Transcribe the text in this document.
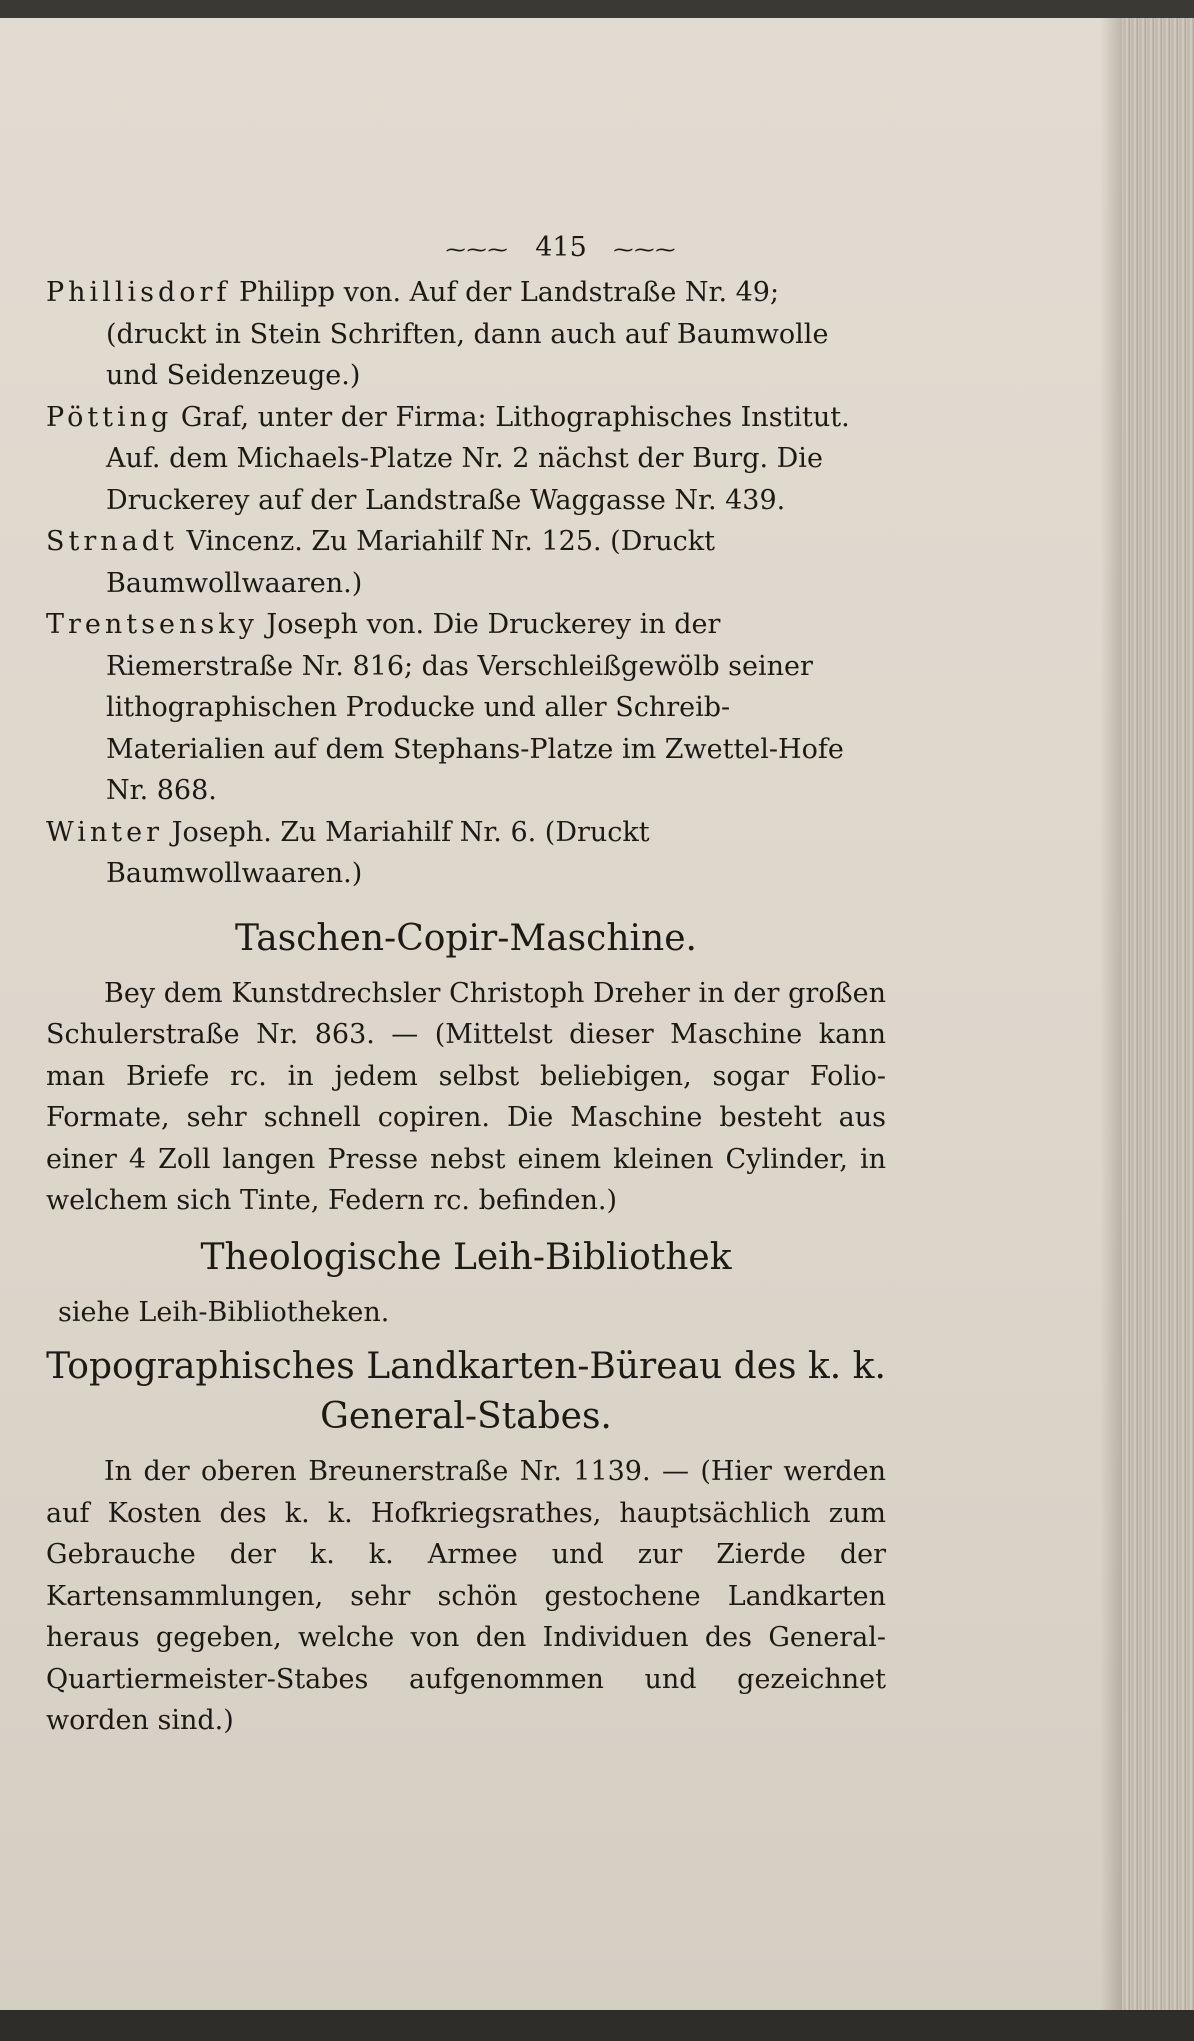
⁓⁓⁓ 415 ⁓⁓⁓

Phillisdorf Philipp von. Auf der Landstraße Nr. 49; (druckt in Stein Schriften, dann auch auf Baumwolle und Seidenzeuge.)

Pötting Graf, unter der Firma: Lithographisches Institut. Auf. dem Michaels-Platze Nr. 2 nächst der Burg. Die Druckerey auf der Landstraße Waggasse Nr. 439.

Strnadt Vincenz. Zu Mariahilf Nr. 125. (Druckt Baumwollwaaren.)

Trentsensky Joseph von. Die Druckerey in der Riemerstraße Nr. 816; das Verschleißgewölb seiner lithographischen Producke und aller Schreib-Materialien auf dem Stephans-Platze im Zwettel-Hofe Nr. 868.

Winter Joseph. Zu Mariahilf Nr. 6. (Druckt Baumwollwaaren.)

Taschen-Copir-Maschine.

Bey dem Kunstdrechsler Christoph Dreher in der großen Schulerstraße Nr. 863. — (Mittelst dieser Maschine kann man Briefe rc. in jedem selbst beliebigen, sogar Folio-Formate, sehr schnell copiren. Die Maschine besteht aus einer 4 Zoll langen Presse nebst einem kleinen Cylinder, in welchem sich Tinte, Federn rc. befinden.)

Theologische Leih-Bibliothek

siehe Leih-Bibliotheken.

Topographisches Landkarten-Büreau des k. k.
General-Stabes.

In der oberen Breunerstraße Nr. 1139. — (Hier werden auf Kosten des k. k. Hofkriegsrathes, hauptsächlich zum Gebrauche der k. k. Armee und zur Zierde der Kartensammlungen, sehr schön gestochene Landkarten heraus gegeben, welche von den Individuen des General-Quartiermeister-Stabes aufgenommen und gezeichnet worden sind.)
